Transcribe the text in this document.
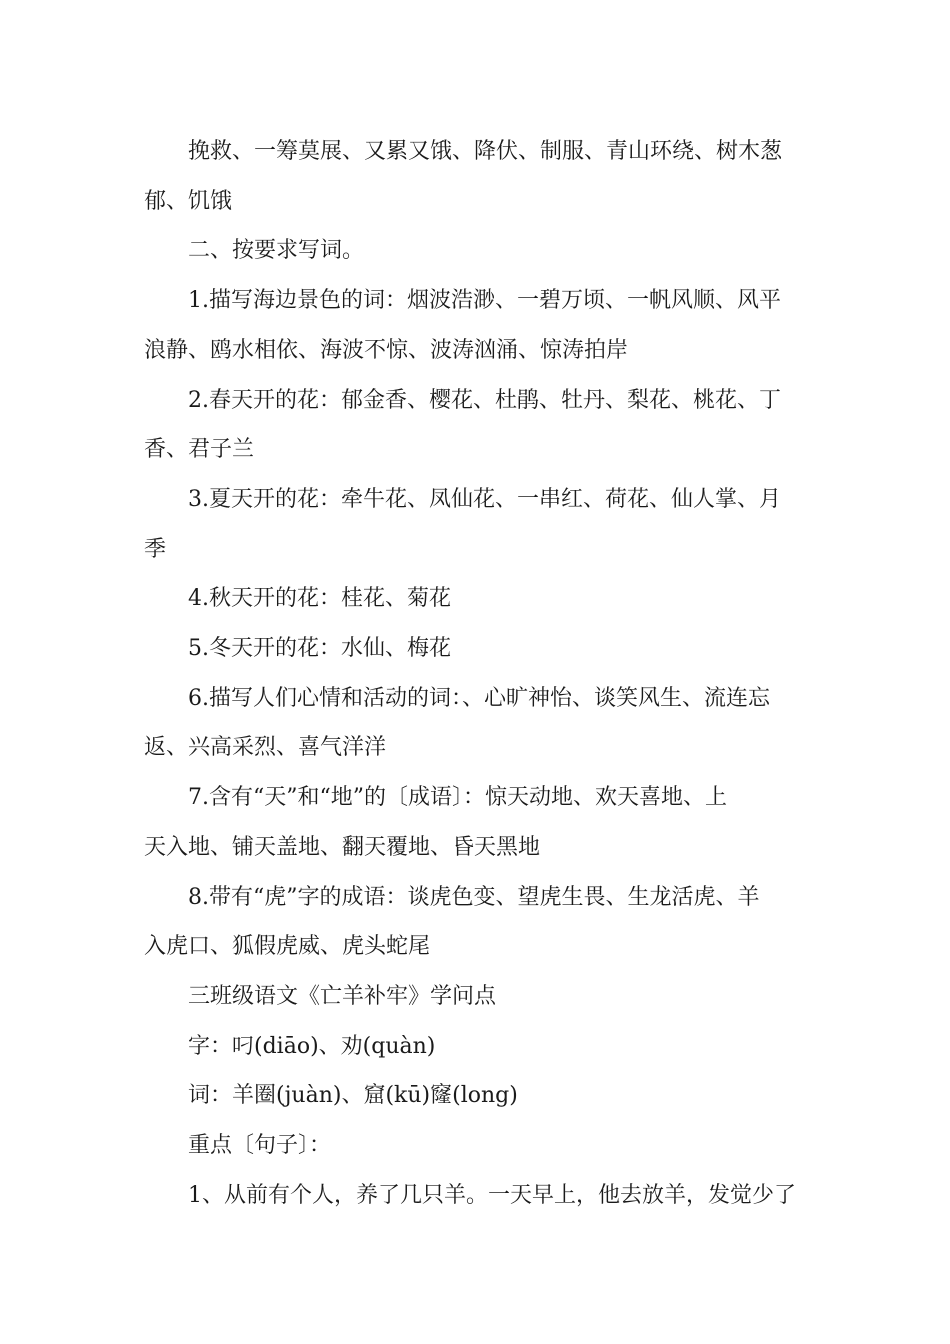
挽救、一筹莫展、又累又饿、降伏、制服、青山环绕、树木葱
郁、饥饿
二、按要求写词。
1.描写海边景色的词：烟波浩渺、一碧万顷、一帆风顺、风平
浪静、鸥水相依、海波不惊、波涛汹涌、惊涛拍岸
2.春天开的花：郁金香、樱花、杜鹃、牡丹、梨花、桃花、丁
香、君子兰
3.夏天开的花：牵牛花、凤仙花、一串红、荷花、仙人掌、月
季
4.秋天开的花：桂花、菊花
5.冬天开的花：水仙、梅花
6.描写人们心情和活动的词：、心旷神怡、谈笑风生、流连忘
返、兴高采烈、喜气洋洋
7.含有“天”和“地”的〔成语〕：惊天动地、欢天喜地、上
天入地、铺天盖地、翻天覆地、昏天黑地
8.带有“虎”字的成语：谈虎色变、望虎生畏、生龙活虎、羊
入虎口、狐假虎威、虎头蛇尾
三班级语文《亡羊补牢》学问点
字：叼(diāo)、劝(quàn)
词：羊圈(juàn)、窟(kū)窿(long)
重点〔句子〕：
1、从前有个人，养了几只羊。一天早上，他去放羊，发觉少了
